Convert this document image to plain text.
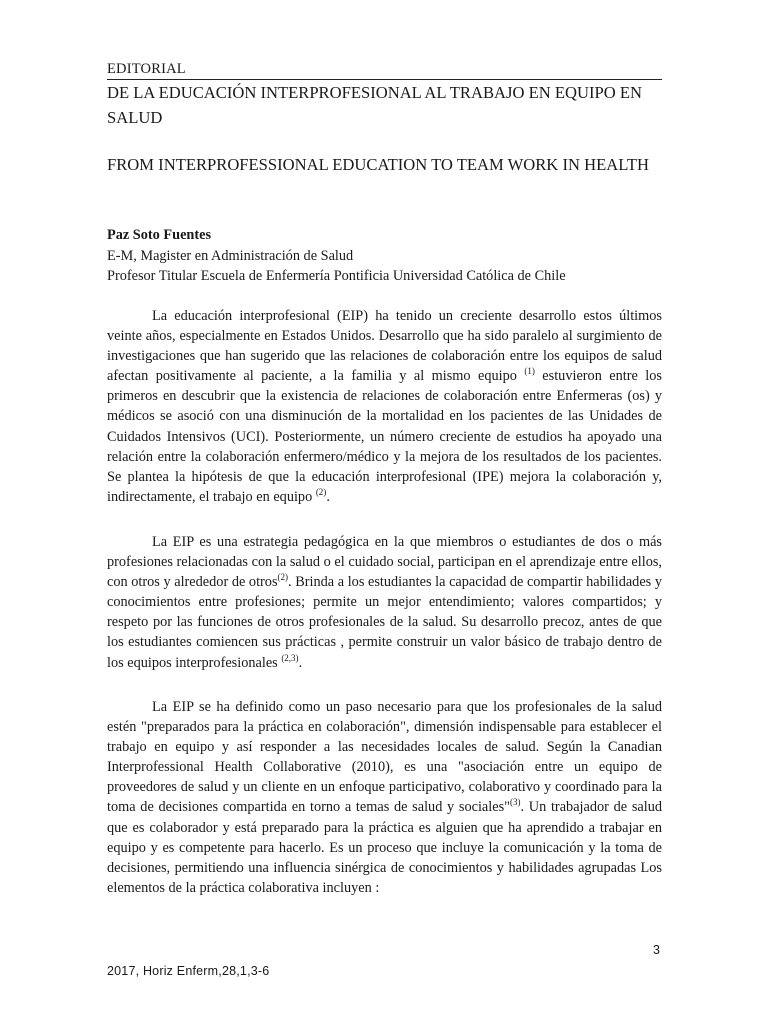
EDITORIAL
DE LA EDUCACIÓN INTERPROFESIONAL AL TRABAJO EN EQUIPO EN SALUD
FROM INTERPROFESSIONAL EDUCATION TO TEAM WORK IN HEALTH
Paz Soto Fuentes
E-M, Magister en Administración de Salud
Profesor Titular Escuela de Enfermería Pontificia Universidad Católica de Chile

La educación interprofesional (EIP) ha tenido un creciente desarrollo estos últimos veinte años, especialmente en Estados Unidos. Desarrollo que ha sido paralelo al surgimiento de investigaciones que han sugerido que las relaciones de colaboración entre los equipos de salud afectan positivamente al paciente, a la familia y al mismo equipo $^{(1)}$ estuvieron entre los primeros en descubrir que la existencia de relaciones de colaboración entre Enfermeras (os) y médicos se asoció con una disminución de la mortalidad en los pacientes de las Unidades de Cuidados Intensivos (UCI). Posteriormente, un número creciente de estudios ha apoyado una relación entre la colaboración enfermero/médico y la mejora de los resultados de los pacientes. Se plantea la hipótesis de que la educación interprofesional (IPE) mejora la colaboración y, indirectamente, el trabajo en equipo $^{(2)}$.

La EIP es una estrategia pedagógica en la que miembros o estudiantes de dos o más profesiones relacionadas con la salud o el cuidado social, participan en el aprendizaje entre ellos, con otros y alrededor de otros$^{(2)}$. Brinda a los estudiantes la capacidad de compartir habilidades y conocimientos entre profesiones; permite un mejor entendimiento; valores compartidos; y respeto por las funciones de otros profesionales de la salud. Su desarrollo precoz, antes de que los estudiantes comiencen sus prácticas , permite construir un valor básico de trabajo dentro de los equipos interprofesionales $^{(2,3)}$.

La EIP se ha definido como un paso necesario para que los profesionales de la salud estén "preparados para la práctica en colaboración", dimensión indispensable para establecer el trabajo en equipo y así responder a las necesidades locales de salud. Según la Canadian Interprofessional Health Collaborative (2010), es una "asociación entre un equipo de proveedores de salud y un cliente en un enfoque participativo, colaborativo y coordinado para la toma de decisiones compartida en torno a temas de salud y sociales"$^{(3)}$. Un trabajador de salud que es colaborador y está preparado para la práctica es alguien que ha aprendido a trabajar en equipo y es competente para hacerlo. Es un proceso que incluye la comunicación y la toma de decisiones, permitiendo una influencia sinérgica de conocimientos y habilidades agrupadas Los elementos de la práctica colaborativa incluyen :

3
2017, Horiz Enferm,28,1,3-6
